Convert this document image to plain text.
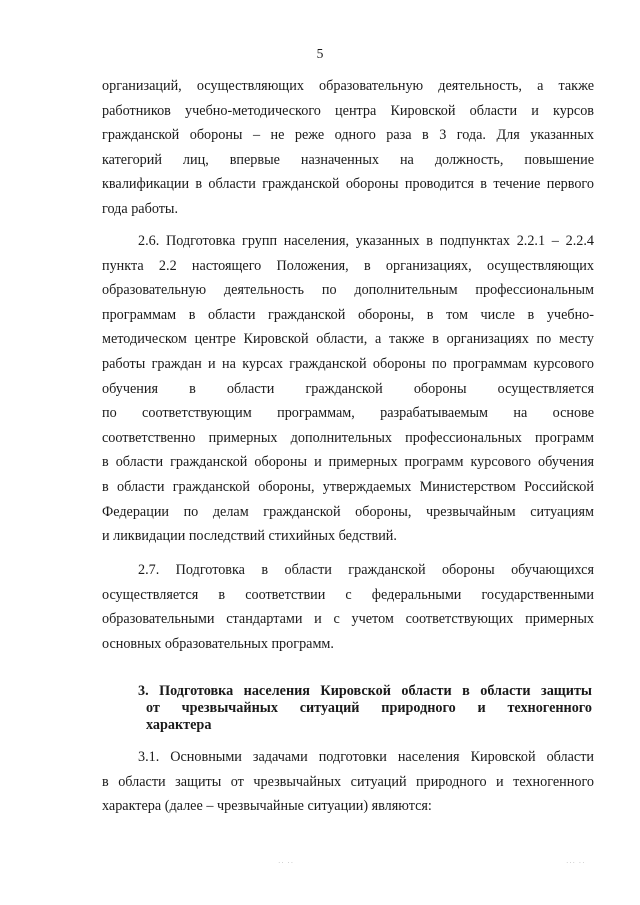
5
организаций, осуществляющих образовательную деятельность, а также
работников учебно-методического центра Кировской области и курсов
гражданской обороны – не реже одного раза в 3 года. Для указанных
категорий лиц, впервые назначенных на должность, повышение
квалификации в области гражданской обороны проводится в течение первого
года работы.
2.6. Подготовка групп населения, указанных в подпунктах 2.2.1 – 2.2.4
пункта 2.2 настоящего Положения, в организациях, осуществляющих
образовательную деятельность по дополнительным профессиональным
программам в области гражданской обороны, в том числе в учебно-
методическом центре Кировской области, а также в организациях по месту
работы граждан и на курсах гражданской обороны по программам курсового
обучения в области гражданской обороны осуществляется
по соответствующим программам, разрабатываемым на основе
соответственно примерных дополнительных профессиональных программ
в области гражданской обороны и примерных программ курсового обучения
в области гражданской обороны, утверждаемых Министерством Российской
Федерации по делам гражданской обороны, чрезвычайным ситуациям
и ликвидации последствий стихийных бедствий.
2.7. Подготовка в области гражданской обороны обучающихся
осуществляется в соответствии с федеральными государственными
образовательными стандартами и с учетом соответствующих примерных
основных образовательных программ.
3. Подготовка населения Кировской области в области защиты
от чрезвычайных ситуаций природного и техногенного
характера
3.1. Основными задачами подготовки населения Кировской области
в области защиты от чрезвычайных ситуаций природного и техногенного
характера (далее – чрезвычайные ситуации) являются:
˙˙ ˙˙	˙˙˙ ˙˙
